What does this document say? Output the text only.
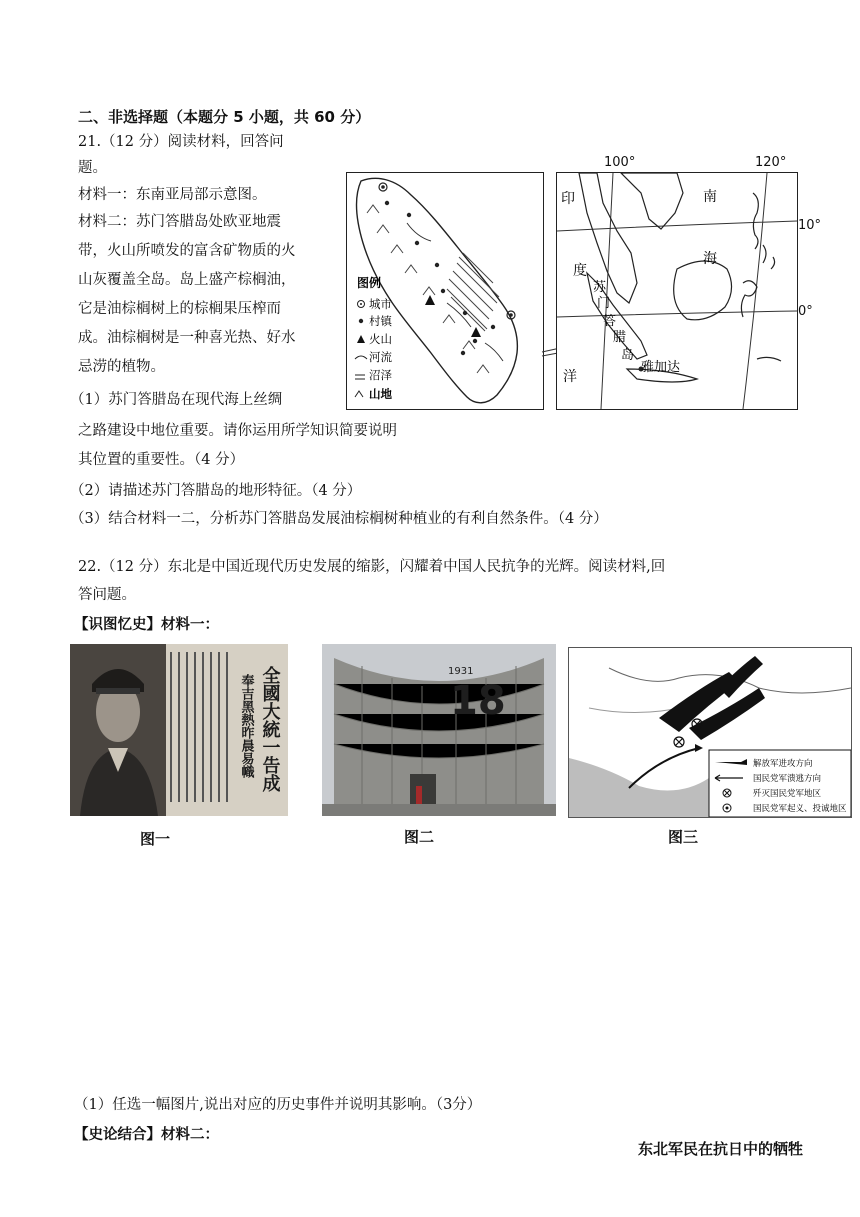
二、非选择题（本题分 5 小题，共 60 分）
21.（12 分）阅读材料，回答问
题。
材料一：东南亚局部示意图。
材料二：苏门答腊岛处欧亚地震
带，火山所喷发的富含矿物质的火
山灰覆盖全岛。岛上盛产棕榈油，
它是油棕榈树上的棕榈果压榨而
成。油棕榈树是一种喜光热、好水
忌涝的植物。
（1）苏门答腊岛在现代海上丝绸
之路建设中地位重要。请你运用所学知识简要说明
其位置的重要性。（4 分）
（2）请描述苏门答腊岛的地形特征。（4 分）
（3）结合材料一二，分析苏门答腊岛发展油棕榈树种植业的有利自然条件。（4 分）
100°	120°
图例
城市
村镇
火山
河流
沼泽
山地
印	南
海
度
洋
苏
门
答
腊
岛
雅加达
10°
0°
22.（12 分）东北是中国近现代历史发展的缩影，闪耀着中国人民抗争的光辉。阅读材料,回
答问题。
【识图忆史】材料一：
全國大統一告成
奉吉黑熱昨晨易幟	18
1931
解放军进攻方向
国民党军溃逃方向
歼灭国民党军地区
国民党军起义、投诚地区
图一	图二	图三
（1）任选一幅图片,说出对应的历史事件并说明其影响。（3分）
【史论结合】材料二：
东北军民在抗日中的牺牲
